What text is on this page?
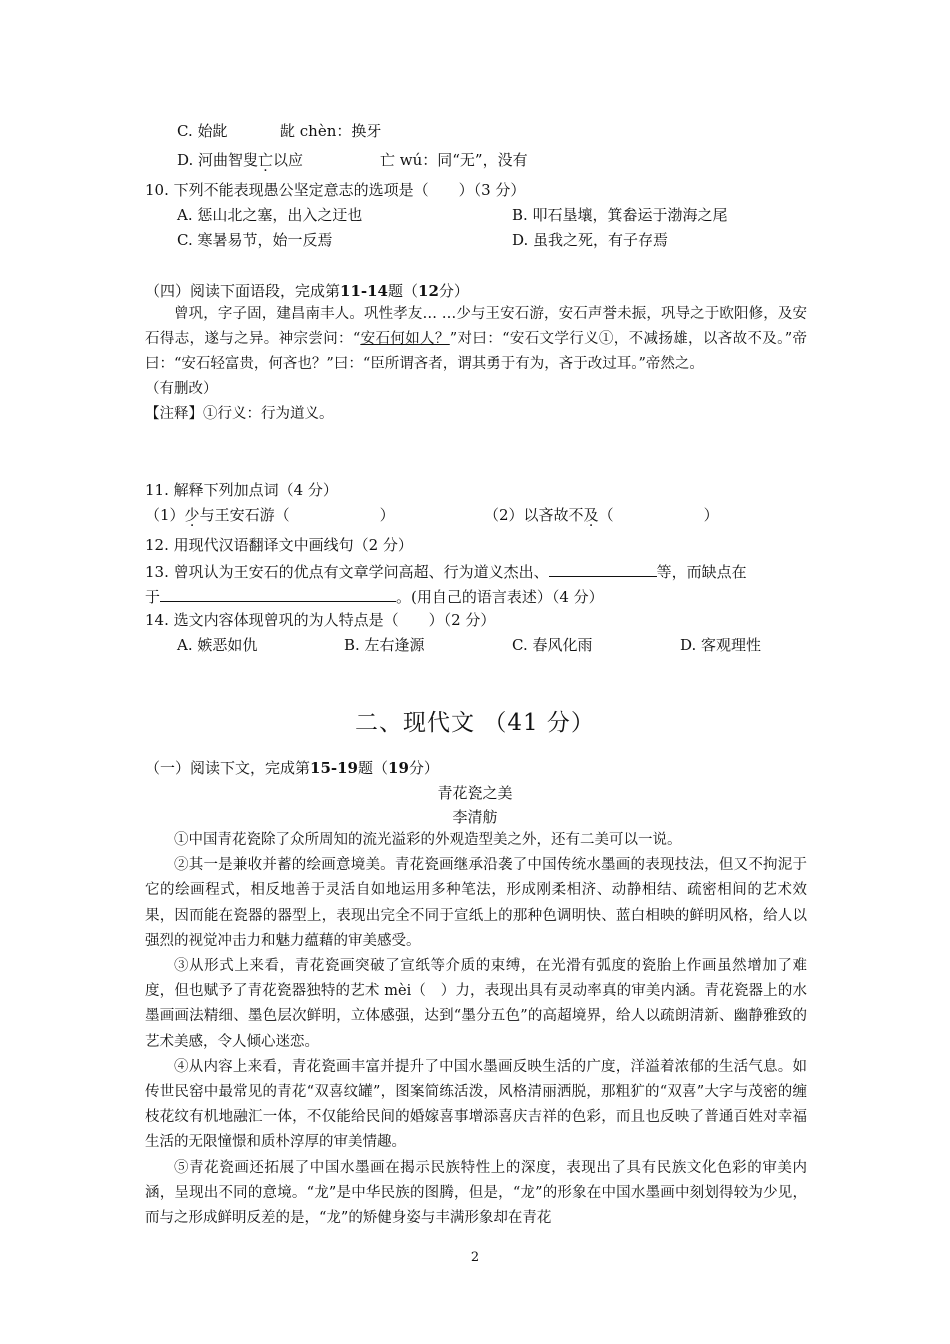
C. 始龀	龀 chèn：换牙
D. 河曲智叟亡以应	亡 wú：同“无”，没有
10. 下列不能表现愚公坚定意志的选项是（　　）（3 分）
A. 惩山北之塞，出入之迂也	B. 叩石垦壤，箕畚运于渤海之尾
C. 寒暑易节，始一反焉	D. 虽我之死，有子存焉
（四）阅读下面语段，完成第11-14题（12分）

曾巩，字子固，建昌南丰人。巩性孝友… …少与王安石游，安石声誉未振，巩导之于欧阳修，及安石得志，遂与之异。神宗尝问：“安石何如人？”对曰：“安石文学行义①，不减扬雄，以吝故不及。”帝曰：“安石轻富贵，何吝也？”曰：“臣所谓吝者，谓其勇于有为，吝于改过耳。”帝然之。

（有删改）

【注释】①行义：行为道义。

11. 解释下列加点词（4 分）
（1）少与王安石游（　　　　　　）	（2）以吝故不及（　　　　　　）
12. 用现代汉语翻译文中画线句（2 分）
13. 曾巩认为王安石的优点有文章学问高超、行为道义杰出、	等，而缺点在
于	。(用自己的语言表述）（4 分）
14. 选文内容体现曾巩的为人特点是（　　）（2 分）
A. 嫉恶如仇	B. 左右逢源	C. 春风化雨	D. 客观理性
二、现代文 （41 分）
（一）阅读下文，完成第15-19题（19分）
青花瓷之美
李清舫

①中国青花瓷除了众所周知的流光溢彩的外观造型美之外，还有二美可以一说。

②其一是兼收并蓄的绘画意境美。青花瓷画继承沿袭了中国传统水墨画的表现技法，但又不拘泥于它的绘画程式，相反地善于灵活自如地运用多种笔法，形成刚柔相济、动静相结、疏密相间的艺术效果，因而能在瓷器的器型上，表现出完全不同于宣纸上的那种色调明快、蓝白相映的鲜明风格，给人以强烈的视觉冲击力和魅力蕴藉的审美感受。

③从形式上来看，青花瓷画突破了宣纸等介质的束缚，在光滑有弧度的瓷胎上作画虽然增加了难度，但也赋予了青花瓷器独特的艺术 mèi（　）力，表现出具有灵动率真的审美内涵。青花瓷器上的水墨画画法精细、墨色层次鲜明，立体感强，达到“墨分五色”的高超境界，给人以疏朗清新、幽静雅致的艺术美感，令人倾心迷恋。

④从内容上来看，青花瓷画丰富并提升了中国水墨画反映生活的广度，洋溢着浓郁的生活气息。如传世民窑中最常见的青花“双喜纹罐”，图案简练活泼，风格清丽洒脱，那粗犷的“双喜”大字与茂密的缠枝花纹有机地融汇一体，不仅能给民间的婚嫁喜事增添喜庆吉祥的色彩，而且也反映了普通百姓对幸福生活的无限憧憬和质朴淳厚的审美情趣。

⑤青花瓷画还拓展了中国水墨画在揭示民族特性上的深度，表现出了具有民族文化色彩的审美内涵，呈现出不同的意境。“龙”是中华民族的图腾，但是，“龙”的形象在中国水墨画中刻划得较为少见，而与之形成鲜明反差的是，“龙”的矫健身姿与丰满形象却在青花

2
